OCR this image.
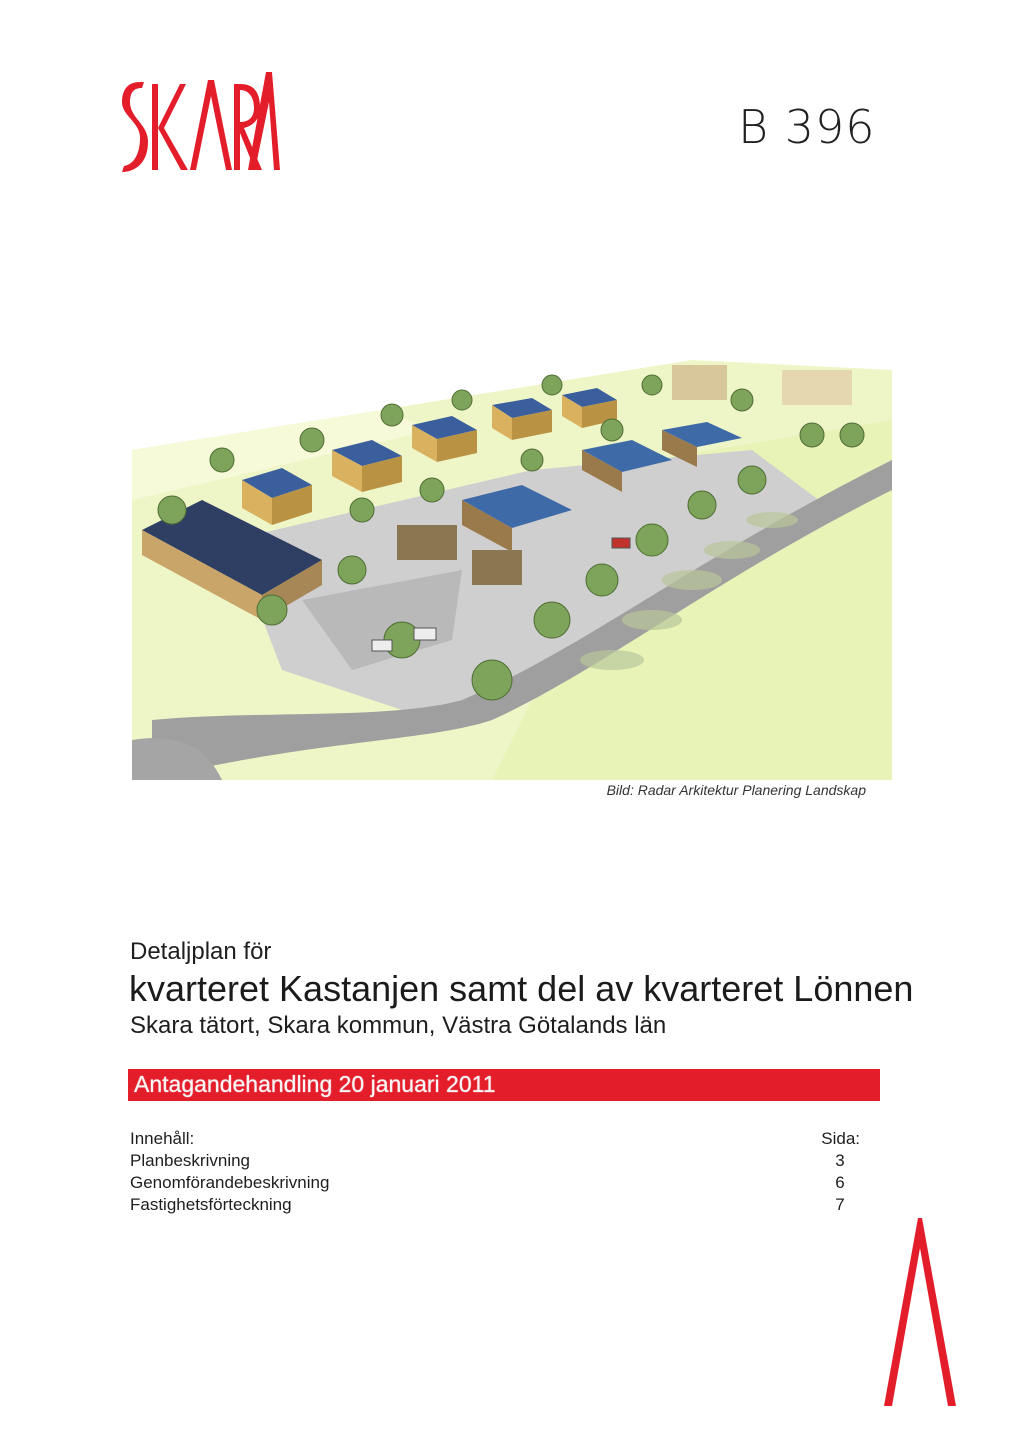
B 396
Bild: Radar Arkitektur Planering Landskap
Detaljplan för
kvarteret Kastanjen samt del av kvarteret Lönnen
Skara tätort, Skara kommun, Västra Götalands län
Antagandehandling 20 januari 2011
Innehåll:	Sida:
Planbeskrivning	3
Genomförandebeskrivning	6
Fastighetsförteckning	7
